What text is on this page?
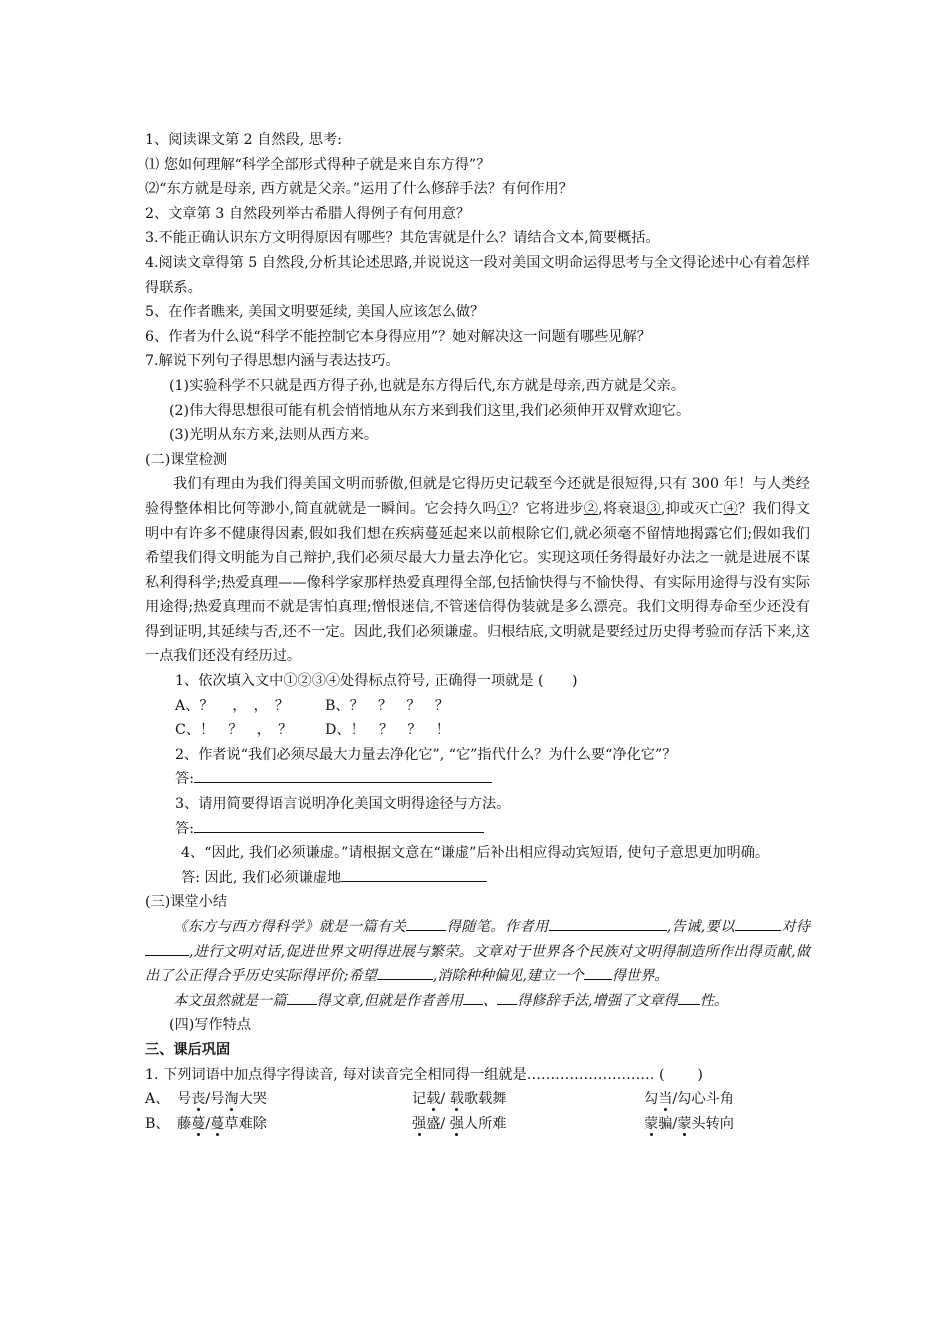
1、阅读课文第 2 自然段, 思考:
⑴ 您如何理解“科学全部形式得种子就是来自东方得”？
⑵“东方就是母亲, 西方就是父亲。”运用了什么修辞手法？有何作用？
2、文章第 3 自然段列举古希腊人得例子有何用意？
3.不能正确认识东方文明得原因有哪些？其危害就是什么？请结合文本,简要概括。
4.阅读文章得第 5 自然段,分析其论述思路,并说说这一段对美国文明命运得思考与全文得论述中心有着怎样得联系。
5、在作者瞧来, 美国文明要延续, 美国人应该怎么做？
6、作者为什么说“科学不能控制它本身得应用”？她对解决这一问题有哪些见解？
7.解说下列句子得思想内涵与表达技巧。
(1)实验科学不只就是西方得子孙,也就是东方得后代,东方就是母亲,西方就是父亲。
(2)伟大得思想很可能有机会悄悄地从东方来到我们这里,我们必须伸开双臂欢迎它。
(3)光明从东方来,法则从西方来。
(二)课堂检测
我们有理由为我们得美国文明而骄傲,但就是它得历史记载至今还就是很短得,只有 300 年！与人类经验得整体相比何等渺小,简直就就是一瞬间。它会持久吗①？它将进步②,将衰退③,抑或灭亡④？我们得文明中有许多不健康得因素,假如我们想在疾病蔓延起来以前根除它们,就必须毫不留情地揭露它们;假如我们希望我们得文明能为自己辩护,我们必须尽最大力量去净化它。实现这项任务得最好办法之一就是进展不谋私利得科学;热爱真理——像科学家那样热爱真理得全部,包括愉快得与不愉快得、有实际用途得与没有实际用途得;热爱真理而不就是害怕真理;憎恨迷信,不管迷信得伪装就是多么漂亮。我们文明得寿命至少还没有得到证明,其延续与否,还不一定。因此,我们必须谦虚。归根结底,文明就是要经过历史得考验而存活下来,这一点我们还没有经历过。
1、依次填入文中①②③④处得标点符号, 正确得一项就是 (　　)
A、？　 ，　，　？	B、？　？　？　？
C、！　？　，　？ D、！　？　？　！
2、作者说“我们必须尽最大力量去净化它”, “它”指代什么？为什么要“净化它”？
答:
3、请用简要得语言说明净化美国文明得途径与方法。
答:
4、“因此, 我们必须谦虚。”请根据文意在“谦虚”后补出相应得动宾短语, 使句子意思更加明确。
答: 因此, 我们必须谦虚地
(三)课堂小结
《东方与西方得科学》就是一篇有关	得随笔。作者用	,告诫,要以	对待,进行文明对话,促进世界文明得进展与繁荣。文章对于世界各个民族对文明得制造所作出得贡献,做出了公正得合乎历史实际得评价;希望	,消除种种偏见,建立一个 得世界。
本文虽然就是一篇 得文章,但就是作者善用 、 得修辞手法,增强了文章得 性。
(四)写作特点
三、课后巩固
1. 下列词语中加点得字得读音, 每对读音完全相同得一组就是……………………… (　　 )
A、 号丧/号淘大哭	记载/ 载歌载舞	勾当/勾心斗角
B、 藤蔓/蔓草难除	强盛/ 强人所难	蒙骗/蒙头转向
